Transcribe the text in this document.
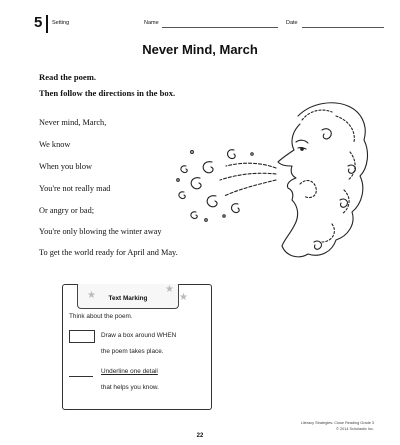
5 Setting	Name	Date
Never Mind, March
Read the poem.
Then follow the directions in the box.
Never mind, March,
We know
When you blow
You're not really mad
Or angry or bad;
You're only blowing the winter away
To get the world ready for April and May.
Text Marking
★
★
★
Think about the poem.
Draw a box around WHEN
the poem takes place.
Underline one detail
that helps you know.
Literacy Strategies: Close Reading Grade 3
© 2014 Scholastic Inc.
22
